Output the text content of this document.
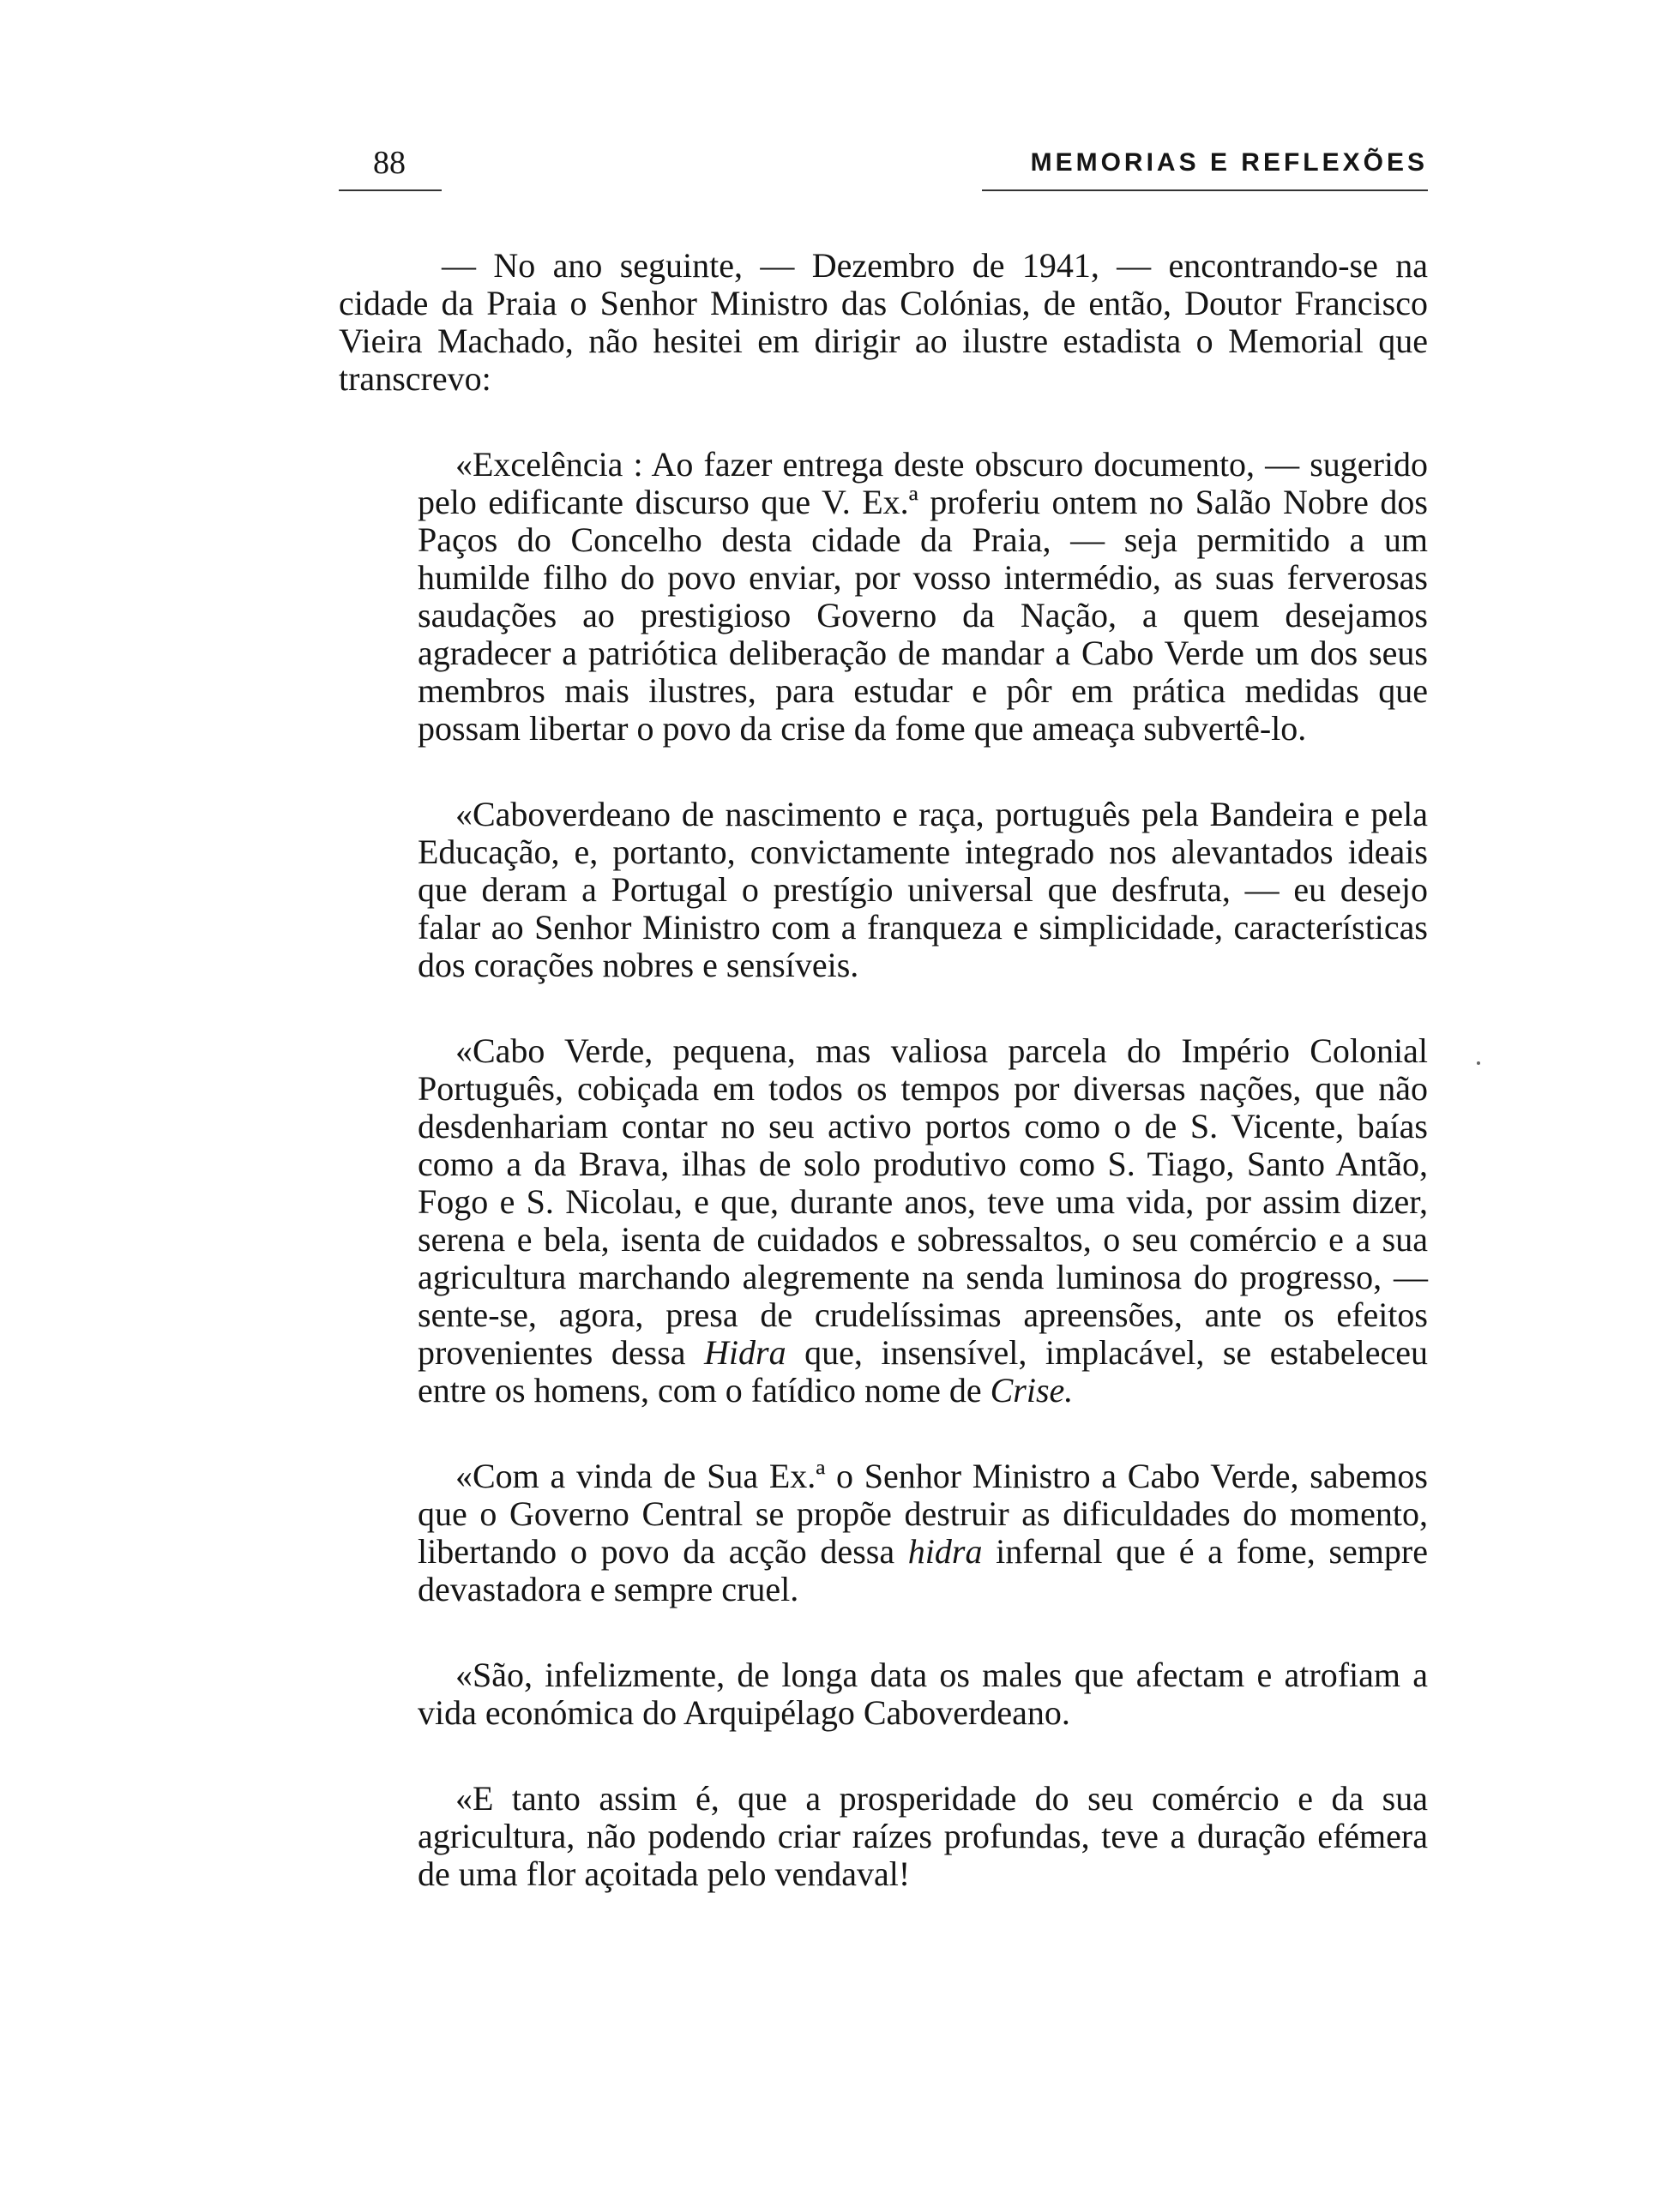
88	MEMORIAS E REFLEXÕES

— No ano seguinte, — Dezembro de 1941, — encontrando-se na cidade da Praia o Senhor Ministro das Colónias, de então, Doutor Francisco Vieira Machado, não hesitei em dirigir ao ilustre estadista o Memorial que transcrevo:

«Excelência : Ao fazer entrega deste obscuro documento, — sugerido pelo edificante discurso que V. Ex.ª proferiu ontem no Salão Nobre dos Paços do Concelho desta cidade da Praia, — seja permitido a um humilde filho do povo enviar, por vosso intermédio, as suas ferverosas saudações ao prestigioso Governo da Nação, a quem desejamos agradecer a patriótica deliberação de mandar a Cabo Verde um dos seus membros mais ilustres, para estudar e pôr em prática medidas que possam libertar o povo da crise da fome que ameaça subvertê-lo.

«Caboverdeano de nascimento e raça, português pela Bandeira e pela Educação, e, portanto, convictamente integrado nos alevantados ideais que deram a Portugal o prestígio universal que desfruta, — eu desejo falar ao Senhor Ministro com a franqueza e simplicidade, características dos corações nobres e sensíveis.

«Cabo Verde, pequena, mas valiosa parcela do Império Colonial Português, cobiçada em todos os tempos por diversas nações, que não desdenhariam contar no seu activo portos como o de S. Vicente, baías como a da Brava, ilhas de solo produtivo como S. Tiago, Santo Antão, Fogo e S. Nicolau, e que, durante anos, teve uma vida, por assim dizer, serena e bela, isenta de cuidados e sobressaltos, o seu comércio e a sua agricultura marchando alegremente na senda luminosa do progresso, — sente-se, agora, presa de crudelíssimas apreensões, ante os efeitos provenientes dessa Hidra que, insensível, implacável, se estabeleceu entre os homens, com o fatídico nome de Crise.

«Com a vinda de Sua Ex.ª o Senhor Ministro a Cabo Verde, sabemos que o Governo Central se propõe destruir as dificuldades do momento, libertando o povo da acção dessa hidra infernal que é a fome, sempre devastadora e sempre cruel.

«São, infelizmente, de longa data os males que afectam e atrofiam a vida económica do Arquipélago Caboverdeano.

«E tanto assim é, que a prosperidade do seu comércio e da sua agricultura, não podendo criar raízes profundas, teve a duração efémera de uma flor açoitada pelo vendaval!
